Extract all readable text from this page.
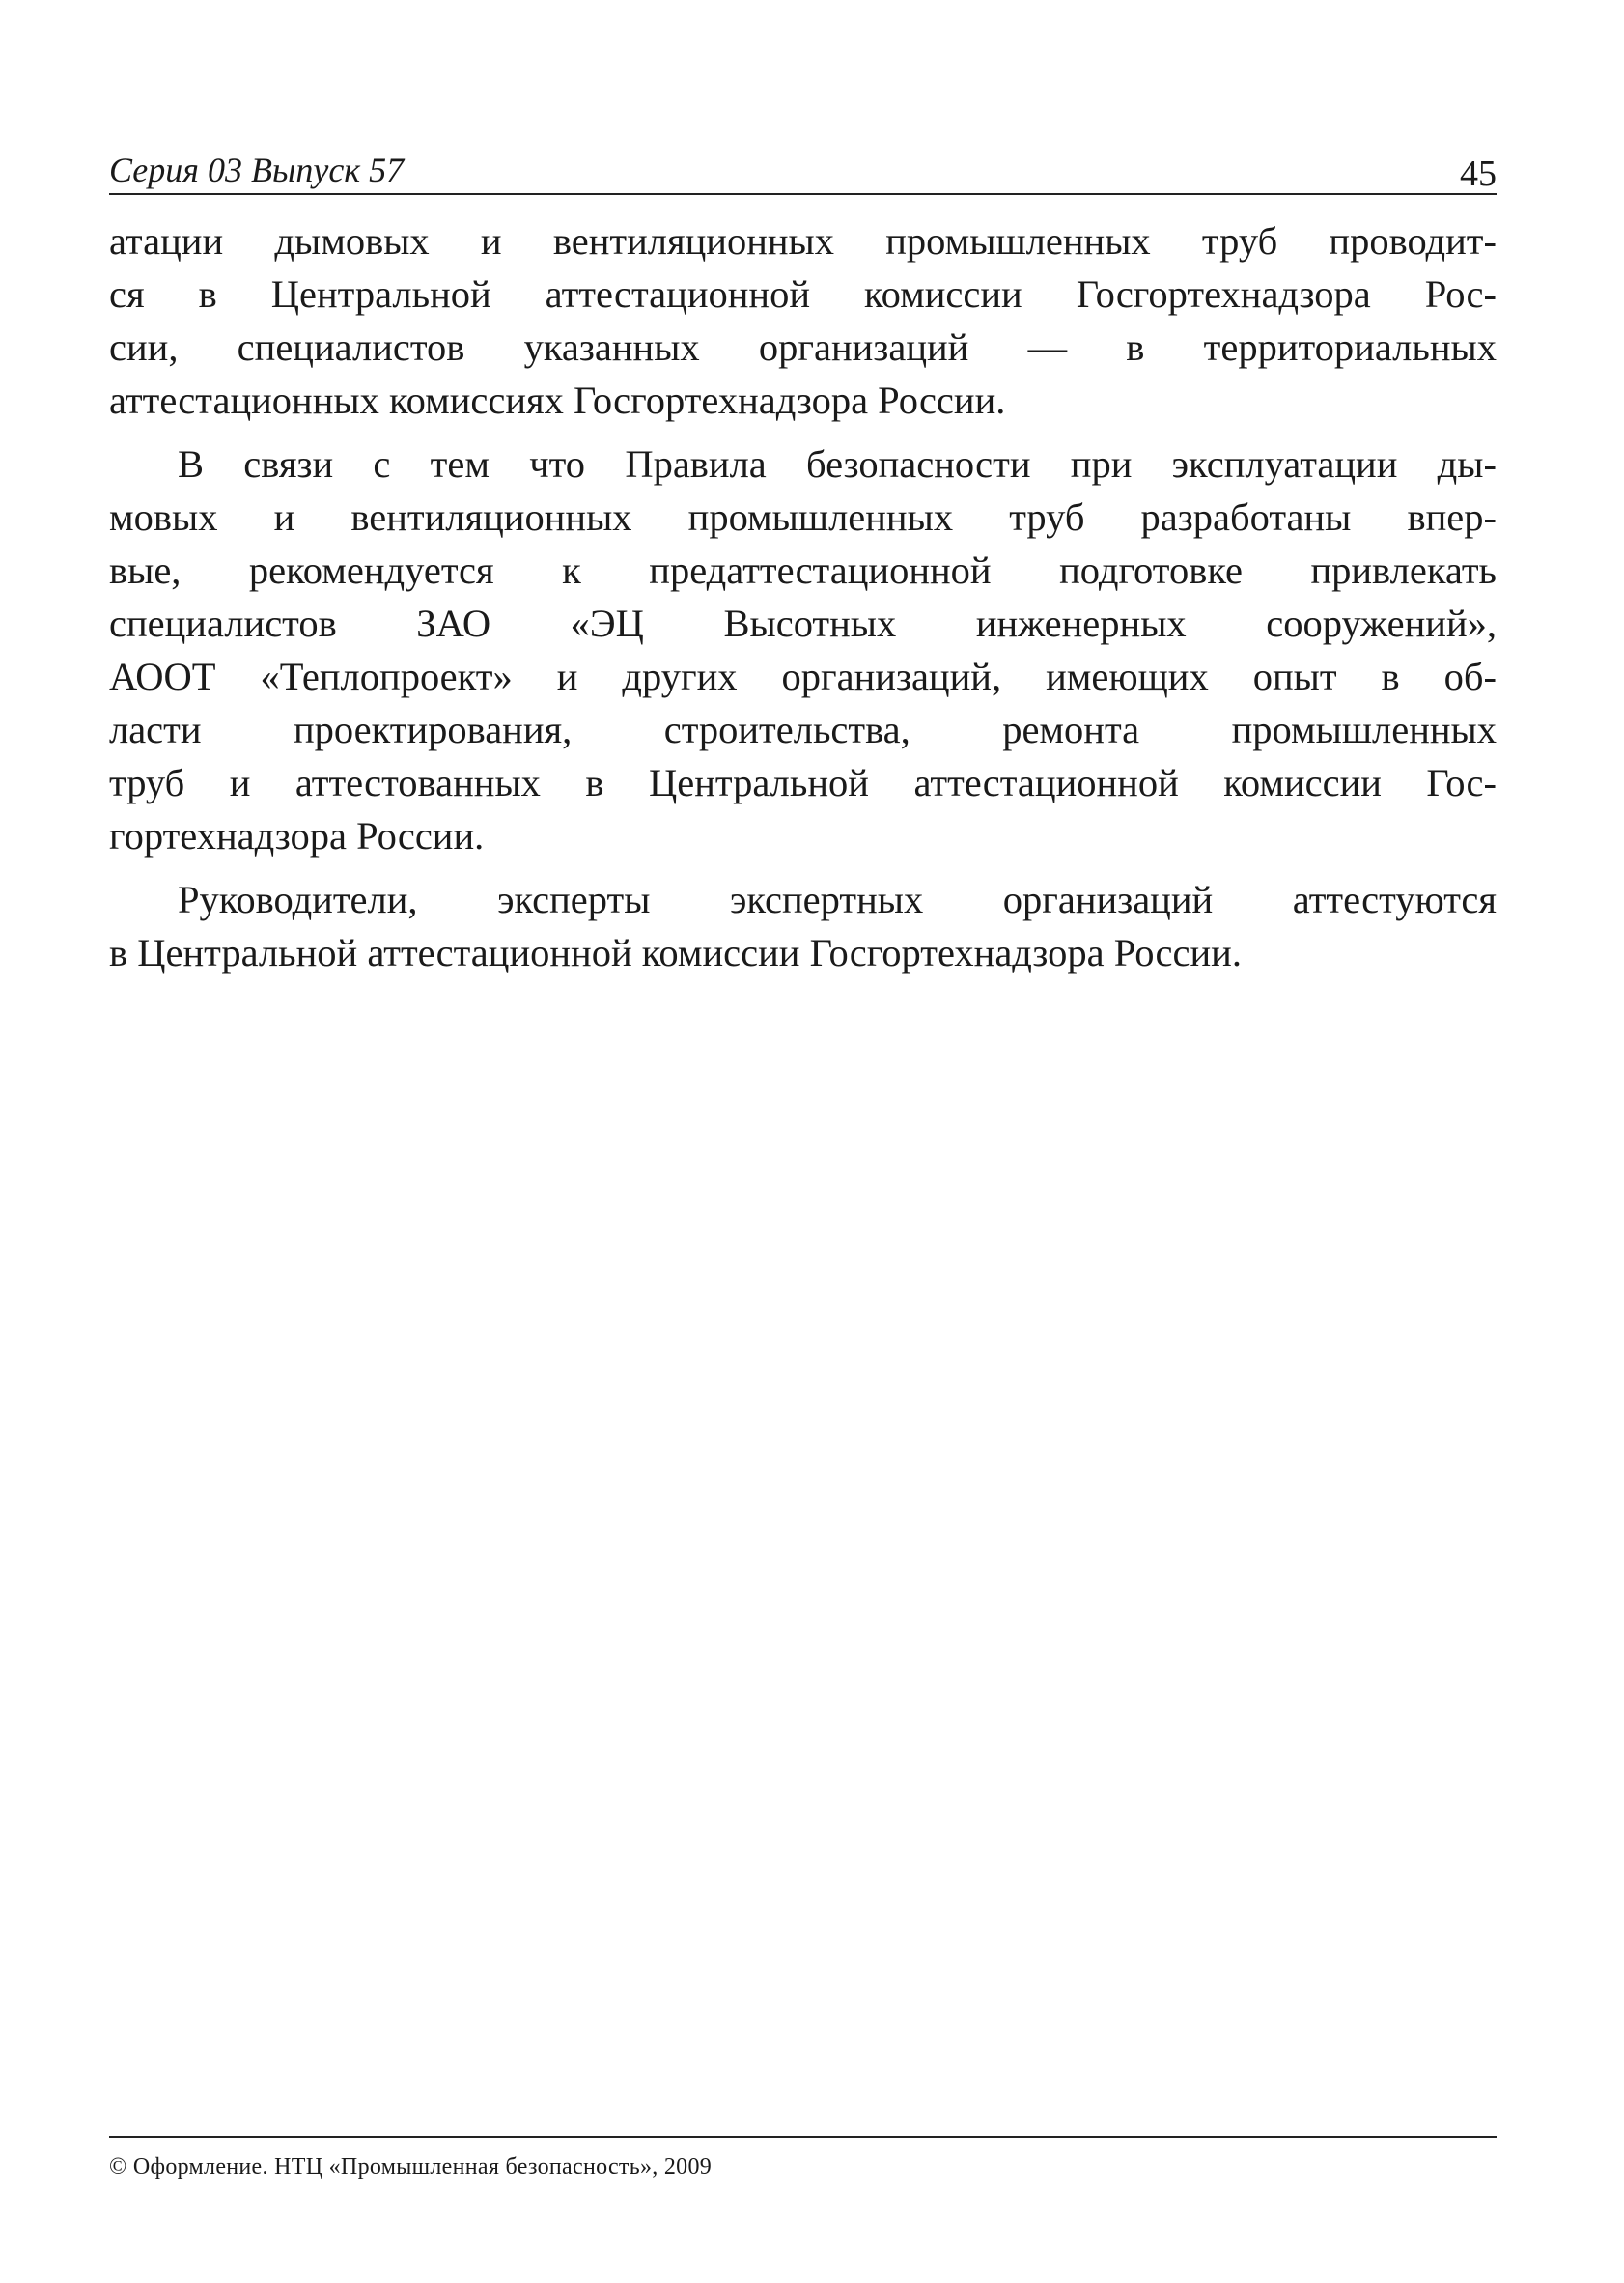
Серия 03 Выпуск 57	45
атации дымовых и вентиляционных промышленных труб проводит-
ся в Центральной аттестационной комиссии Госгортехнадзора Рос-
сии, специалистов указанных организаций — в территориальных
аттестационных комиссиях Госгортехнадзора России.
В связи с тем что Правила безопасности при эксплуатации ды-
мовых и вентиляционных промышленных труб разработаны впер-
вые, рекомендуется к предаттестационной подготовке привлекать
специалистов ЗАО «ЭЦ Высотных инженерных сооружений»,
АООТ «Теплопроект» и других организаций, имеющих опыт в об-
ласти проектирования, строительства, ремонта промышленных
труб и аттестованных в Центральной аттестационной комиссии Гос-
гортехнадзора России.
Руководители, эксперты экспертных организаций аттестуются
в Центральной аттестационной комиссии Госгортехнадзора России.
© Оформление. НТЦ «Промышленная безопасность», 2009
